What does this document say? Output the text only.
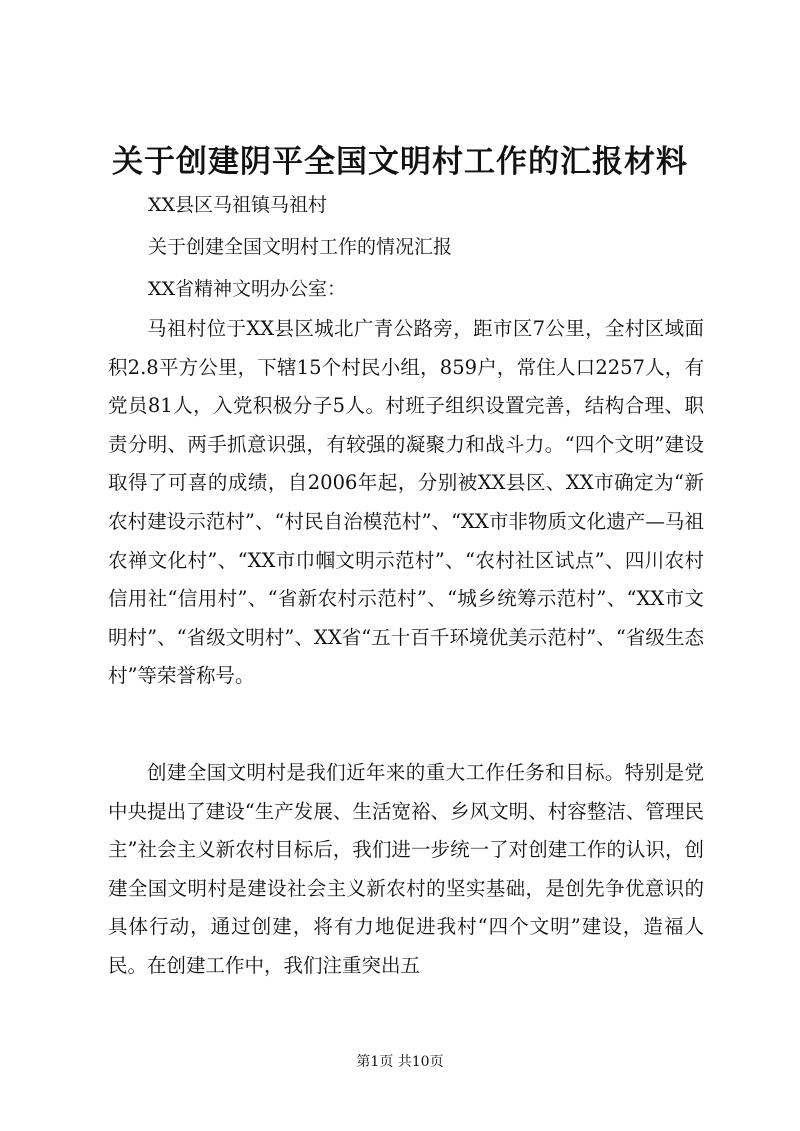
关于创建阴平全国文明村工作的汇报材料
XX县区马祖镇马祖村
关于创建全国文明村工作的情况汇报
XX省精神文明办公室：

马祖村位于XX县区城北广青公路旁，距市区7公里，全村区域面积2.8平方公里，下辖15个村民小组，859户，常住人口2257人，有党员81人，入党积极分子5人。村班子组织设置完善，结构合理、职责分明、两手抓意识强，有较强的凝聚力和战斗力。“四个文明”建设取得了可喜的成绩，自2006年起，分别被XX县区、XX市确定为“新农村建设示范村”、“村民自治模范村”、“XX市非物质文化遗产—马祖农禅文化村”、“XX市巾帼文明示范村”、“农村社区试点”、四川农村信用社“信用村”、“省新农村示范村”、“城乡统筹示范村”、“XX市文明村”、“省级文明村”、XX省“五十百千环境优美示范村”、“省级生态村”等荣誉称号。

创建全国文明村是我们近年来的重大工作任务和目标。特别是党中央提出了建设“生产发展、生活宽裕、乡风文明、村容整洁、管理民主”社会主义新农村目标后，我们进一步统一了对创建工作的认识，创建全国文明村是建设社会主义新农村的坚实基础，是创先争优意识的具体行动，通过创建，将有力地促进我村“四个文明”建设，造福人民。在创建工作中，我们注重突出五

第1页 共10页
